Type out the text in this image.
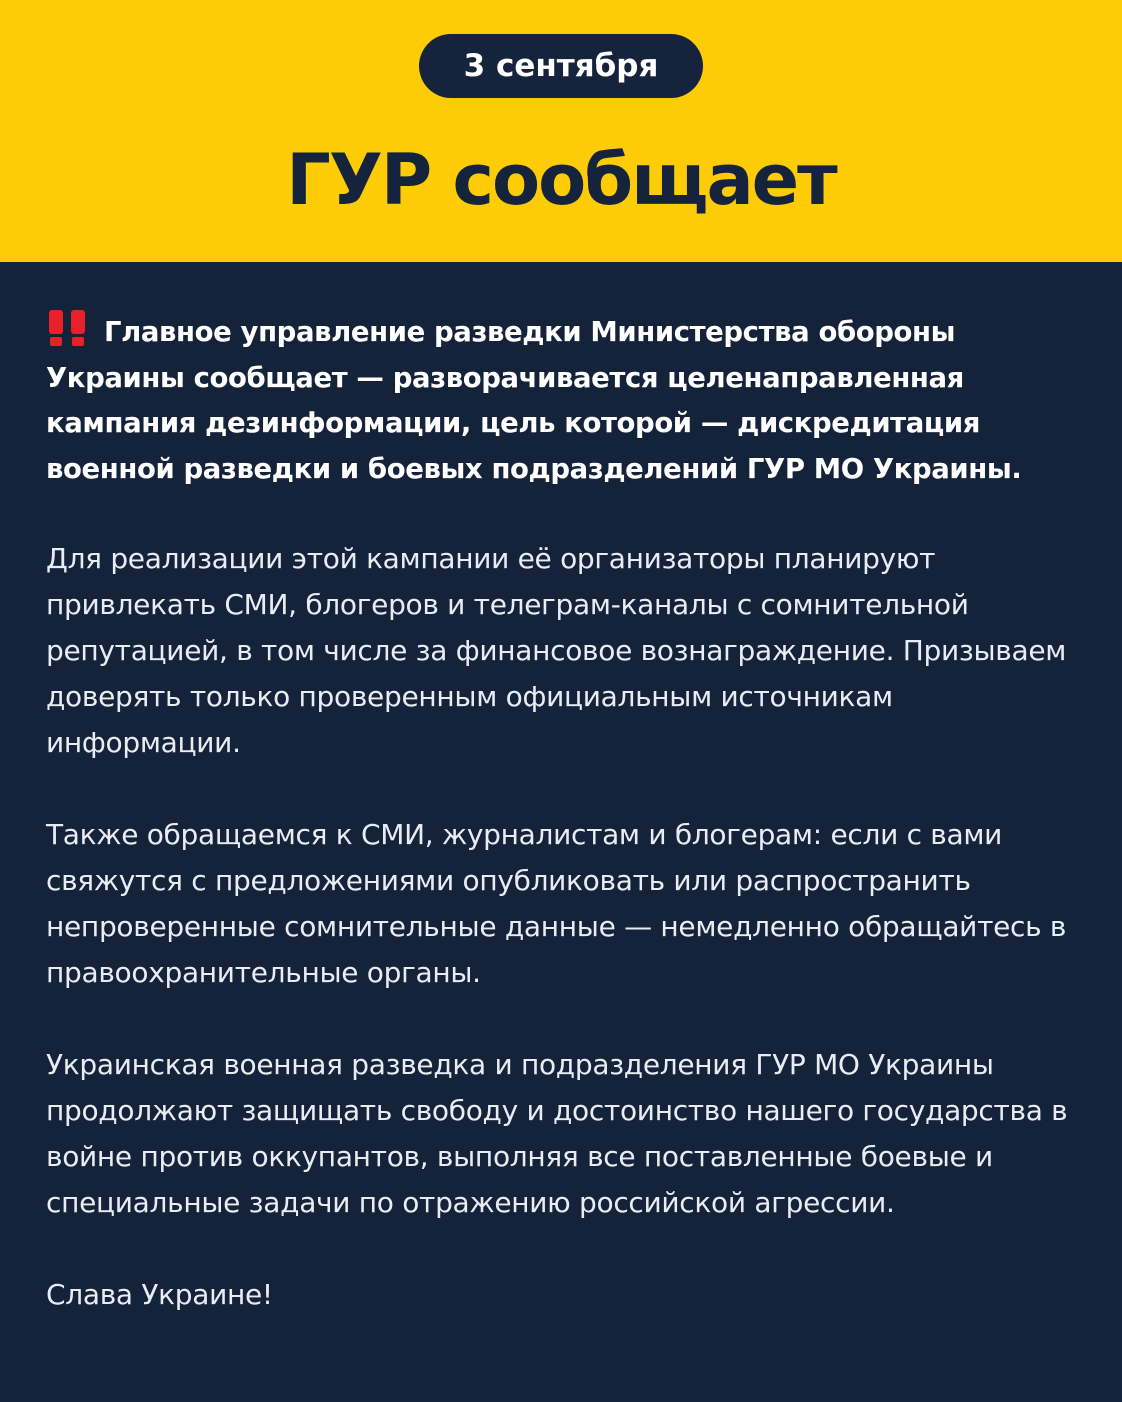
3 сентября
ГУР сообщает

Главное управление разведки Министерства обороны Украины сообщает — разворачивается целенаправленная кампания дезинформации, цель которой — дискредитация военной разведки и боевых подразделений ГУР МО Украины.

Для реализации этой кампании её организаторы планируют привлекать СМИ, блогеров и телеграм-каналы с сомнительной репутацией, в том числе за финансовое вознаграждение. Призываем доверять только проверенным официальным источникам информации.

Также обращаемся к СМИ, журналистам и блогерам: если с вами свяжутся с предложениями опубликовать или распространить непроверенные сомнительные данные — немедленно обращайтесь в правоохранительные органы.

Украинская военная разведка и подразделения ГУР МО Украины продолжают защищать свободу и достоинство нашего государства в войне против оккупантов, выполняя все поставленные боевые и специальные задачи по отражению российской агрессии.

Слава Украине!
